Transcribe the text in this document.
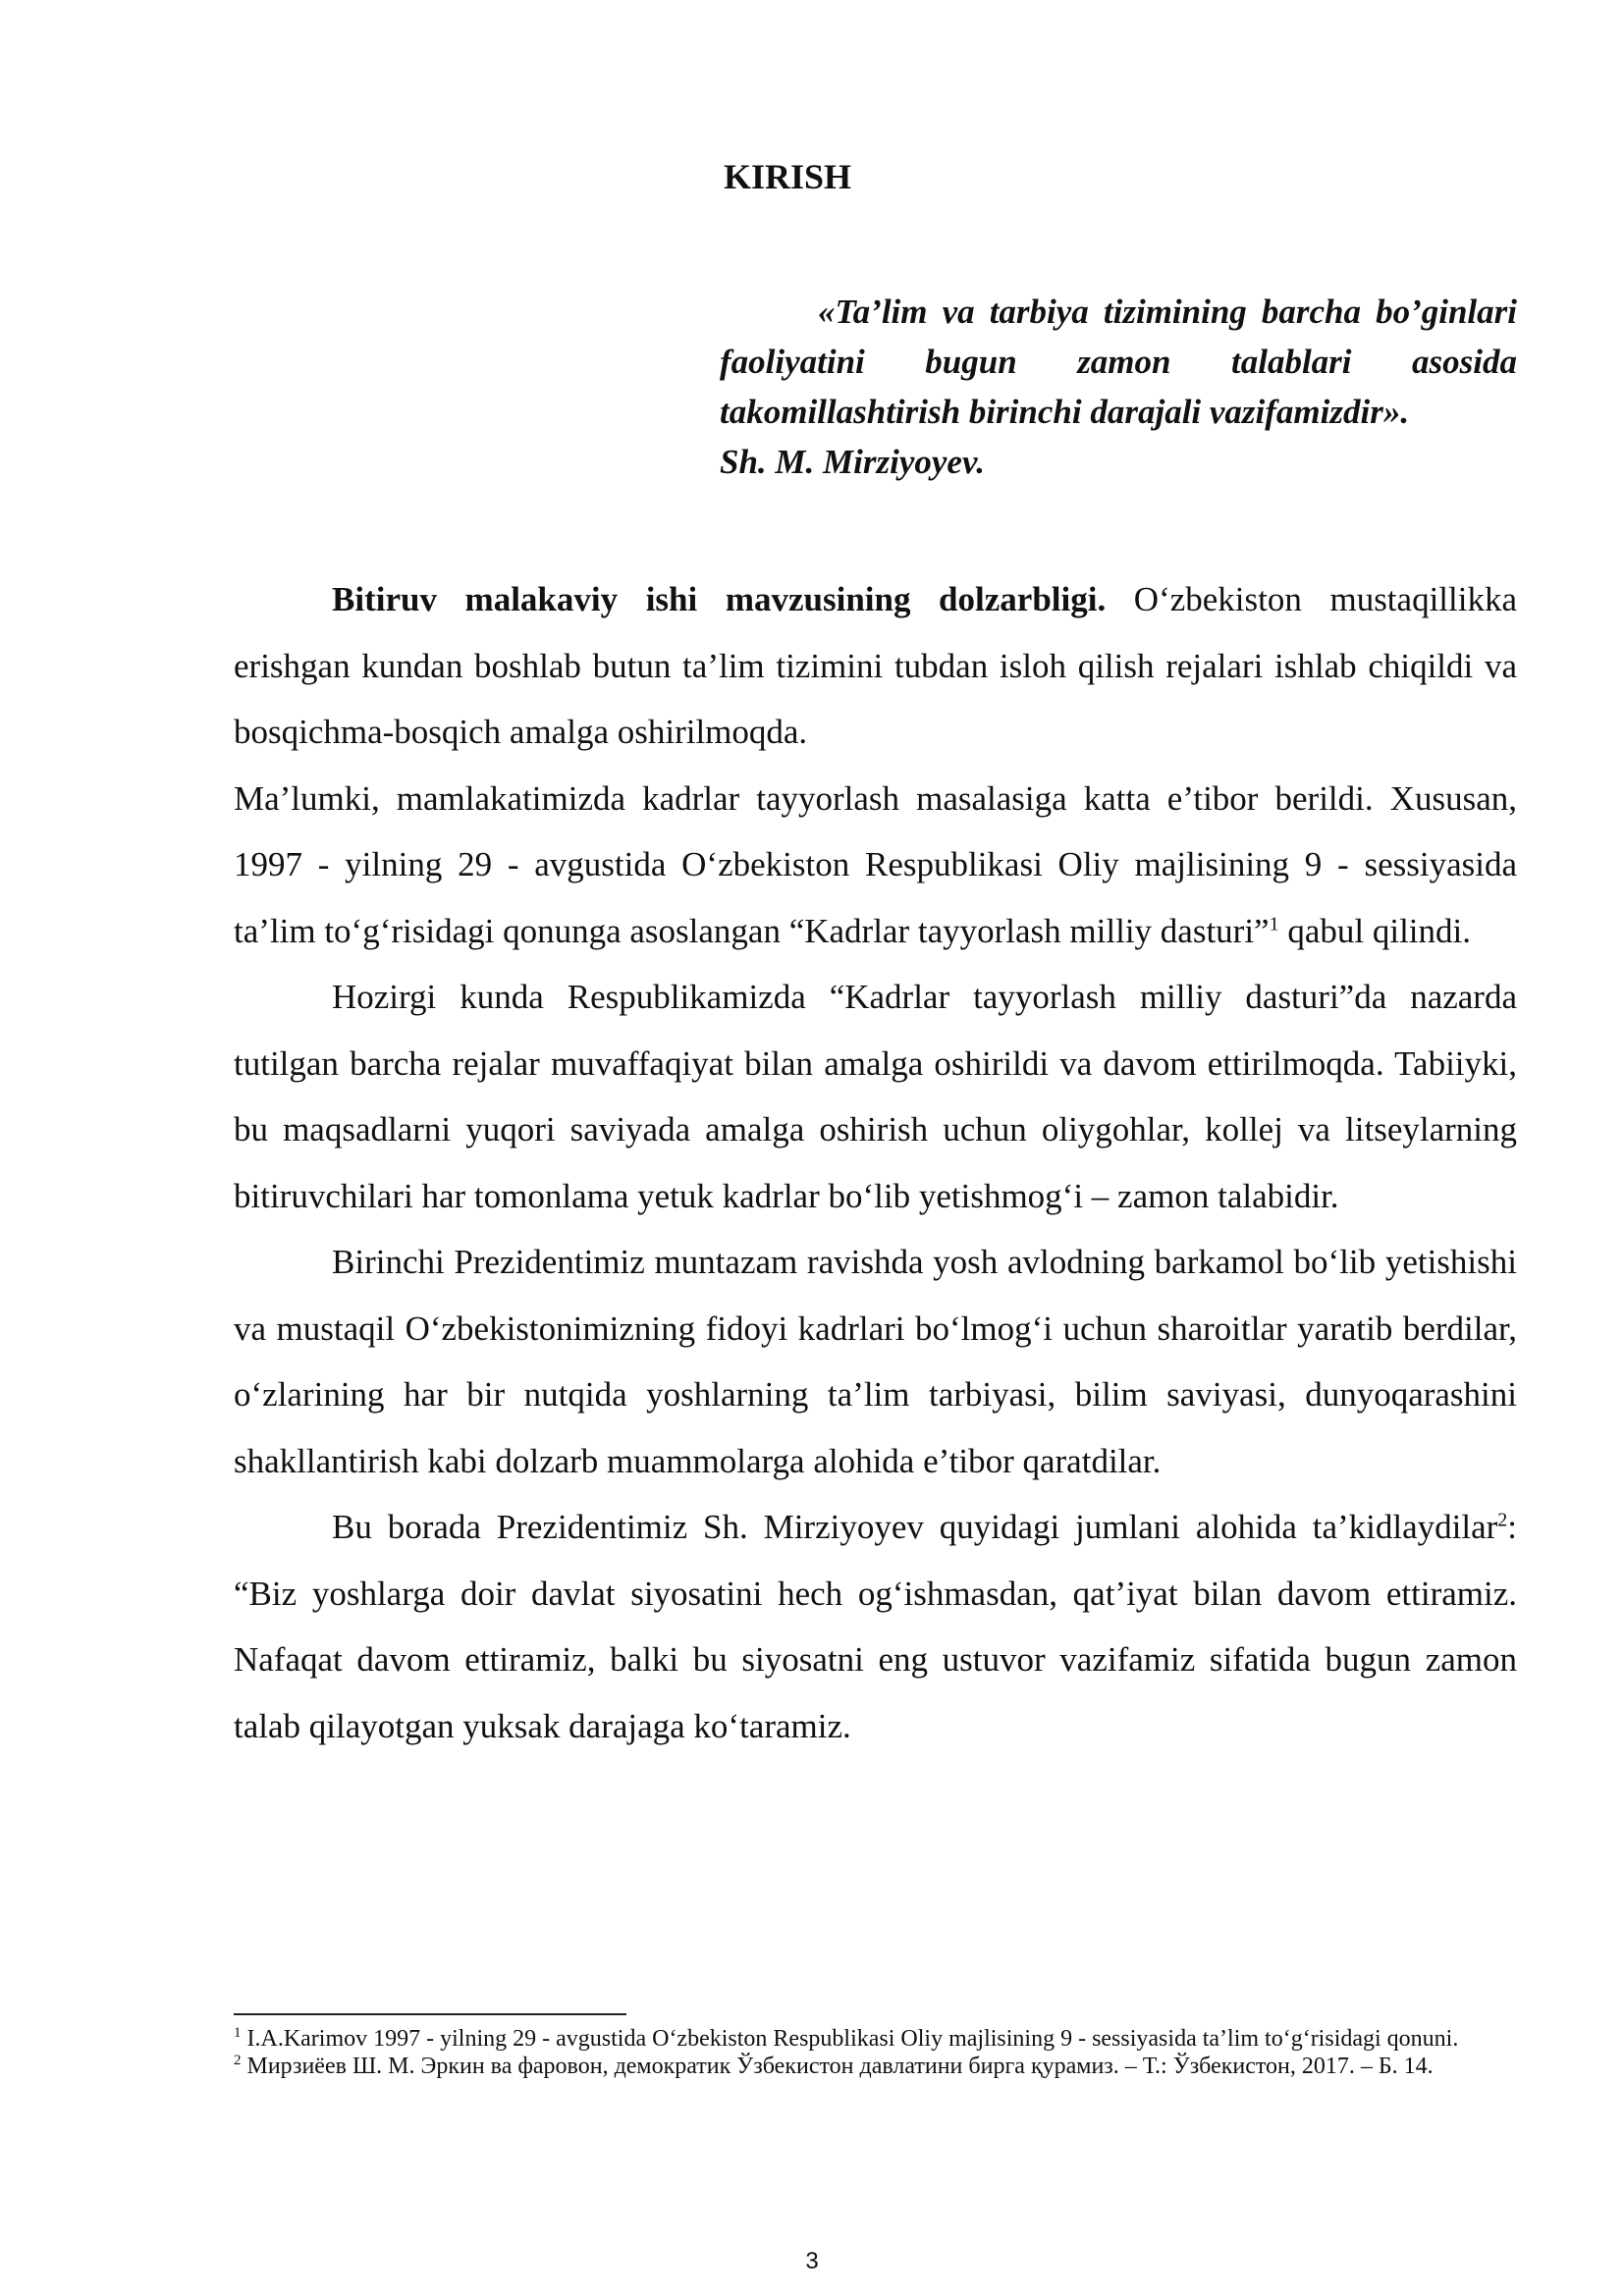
KIRISH

«Ta’lim va tarbiya tizimining barcha bo’ginlari faoliyatini bugun zamon talablari asosida takomillashtirish birinchi darajali vazifamizdir».

Sh. M. Mirziyoyev.

Bitiruv malakaviy ishi mavzusining dolzarbligi. O‘zbekiston mustaqillikka erishgan kundan boshlab butun ta’lim tizimini tubdan isloh qilish rejalari ishlab chiqildi va bosqichma-bosqich amalga oshirilmoqda.

Ma’lumki, mamlakatimizda kadrlar tayyorlash masalasiga katta e’tibor berildi. Xususan, 1997 - yilning 29 - avgustida O‘zbekiston Respublikasi Oliy majlisining 9 - sessiyasida ta’lim to‘g‘risidagi qonunga asoslangan “Kadrlar tayyorlash milliy dasturi”$^1$ qabul qilindi.

Hozirgi kunda Respublikamizda “Kadrlar tayyorlash milliy dasturi”da nazarda tutilgan barcha rejalar muvaffaqiyat bilan amalga oshirildi va davom ettirilmoqda. Tabiiyki, bu maqsadlarni yuqori saviyada amalga oshirish uchun oliygohlar, kollej va litseylarning bitiruvchilari har tomonlama yetuk kadrlar bo‘lib yetishmog‘i – zamon talabidir.

Birinchi Prezidentimiz muntazam ravishda yosh avlodning barkamol bo‘lib yetishishi va mustaqil O‘zbekistonimizning fidoyi kadrlari bo‘lmog‘i uchun sharoitlar yaratib berdilar, o‘zlarining har bir nutqida yoshlarning ta’lim tarbiyasi, bilim saviyasi, dunyoqarashini shakllantirish kabi dolzarb muammolarga alohida e’tibor qaratdilar.

Bu borada Prezidentimiz Sh. Mirziyoyev quyidagi jumlani alohida ta’kidlaydilar$^2$: “Biz yoshlarga doir davlat siyosatini hech og‘ishmasdan, qat’iyat bilan davom ettiramiz. Nafaqat davom ettiramiz, balki bu siyosatni eng ustuvor vazifamiz sifatida bugun zamon talab qilayotgan yuksak darajaga ko‘taramiz.

$^1$ I.A.Karimov 1997 - yilning 29 - avgustida O‘zbekiston Respublikasi Oliy majlisining 9 - sessiyasida ta’lim to‘g‘risidagi qonuni.

$^2$ Мирзиёев Ш. М. Эркин ва фаровон, демократик Ўзбекистон давлатини бирга қурамиз. – Т.: Ўзбекистон, 2017. – Б. 14.

3
